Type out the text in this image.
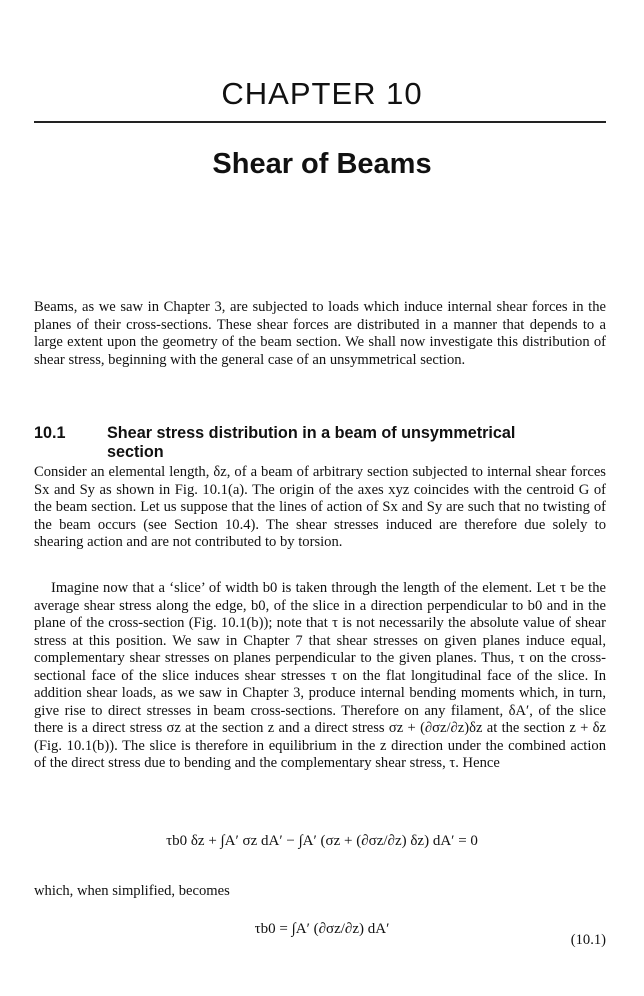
CHAPTER 10
Shear of Beams
Beams, as we saw in Chapter 3, are subjected to loads which induce internal shear forces in the planes of their cross-sections. These shear forces are distributed in a manner that depends to a large extent upon the geometry of the beam section. We shall now investigate this distribution of shear stress, beginning with the general case of an unsymmetrical section.
10.1	Shear stress distribution in a beam of unsymmetrical section
Consider an elemental length, δz, of a beam of arbitrary section subjected to internal shear forces Sx and Sy as shown in Fig. 10.1(a). The origin of the axes xyz coincides with the centroid G of the beam section. Let us suppose that the lines of action of Sx and Sy are such that no twisting of the beam occurs (see Section 10.4). The shear stresses induced are therefore due solely to shearing action and are not contributed to by torsion.
Imagine now that a ‘slice’ of width b0 is taken through the length of the element. Let τ be the average shear stress along the edge, b0, of the slice in a direction perpendicular to b0 and in the plane of the cross-section (Fig. 10.1(b)); note that τ is not necessarily the absolute value of shear stress at this position. We saw in Chapter 7 that shear stresses on given planes induce equal, complementary shear stresses on planes perpendicular to the given planes. Thus, τ on the cross-sectional face of the slice induces shear stresses τ on the flat longitudinal face of the slice. In addition shear loads, as we saw in Chapter 3, produce internal bending moments which, in turn, give rise to direct stresses in beam cross-sections. Therefore on any filament, δA′, of the slice there is a direct stress σz at the section z and a direct stress σz + (∂σz/∂z)δz at the section z + δz (Fig. 10.1(b)). The slice is therefore in equilibrium in the z direction under the combined action of the direct stress due to bending and the complementary shear stress, τ. Hence
τb0 δz + ∫A′ σz dA′ − ∫A′ (σz + (∂σz/∂z) δz) dA′ = 0
which, when simplified, becomes
τb0 = ∫A′ (∂σz/∂z) dA′
(10.1)
